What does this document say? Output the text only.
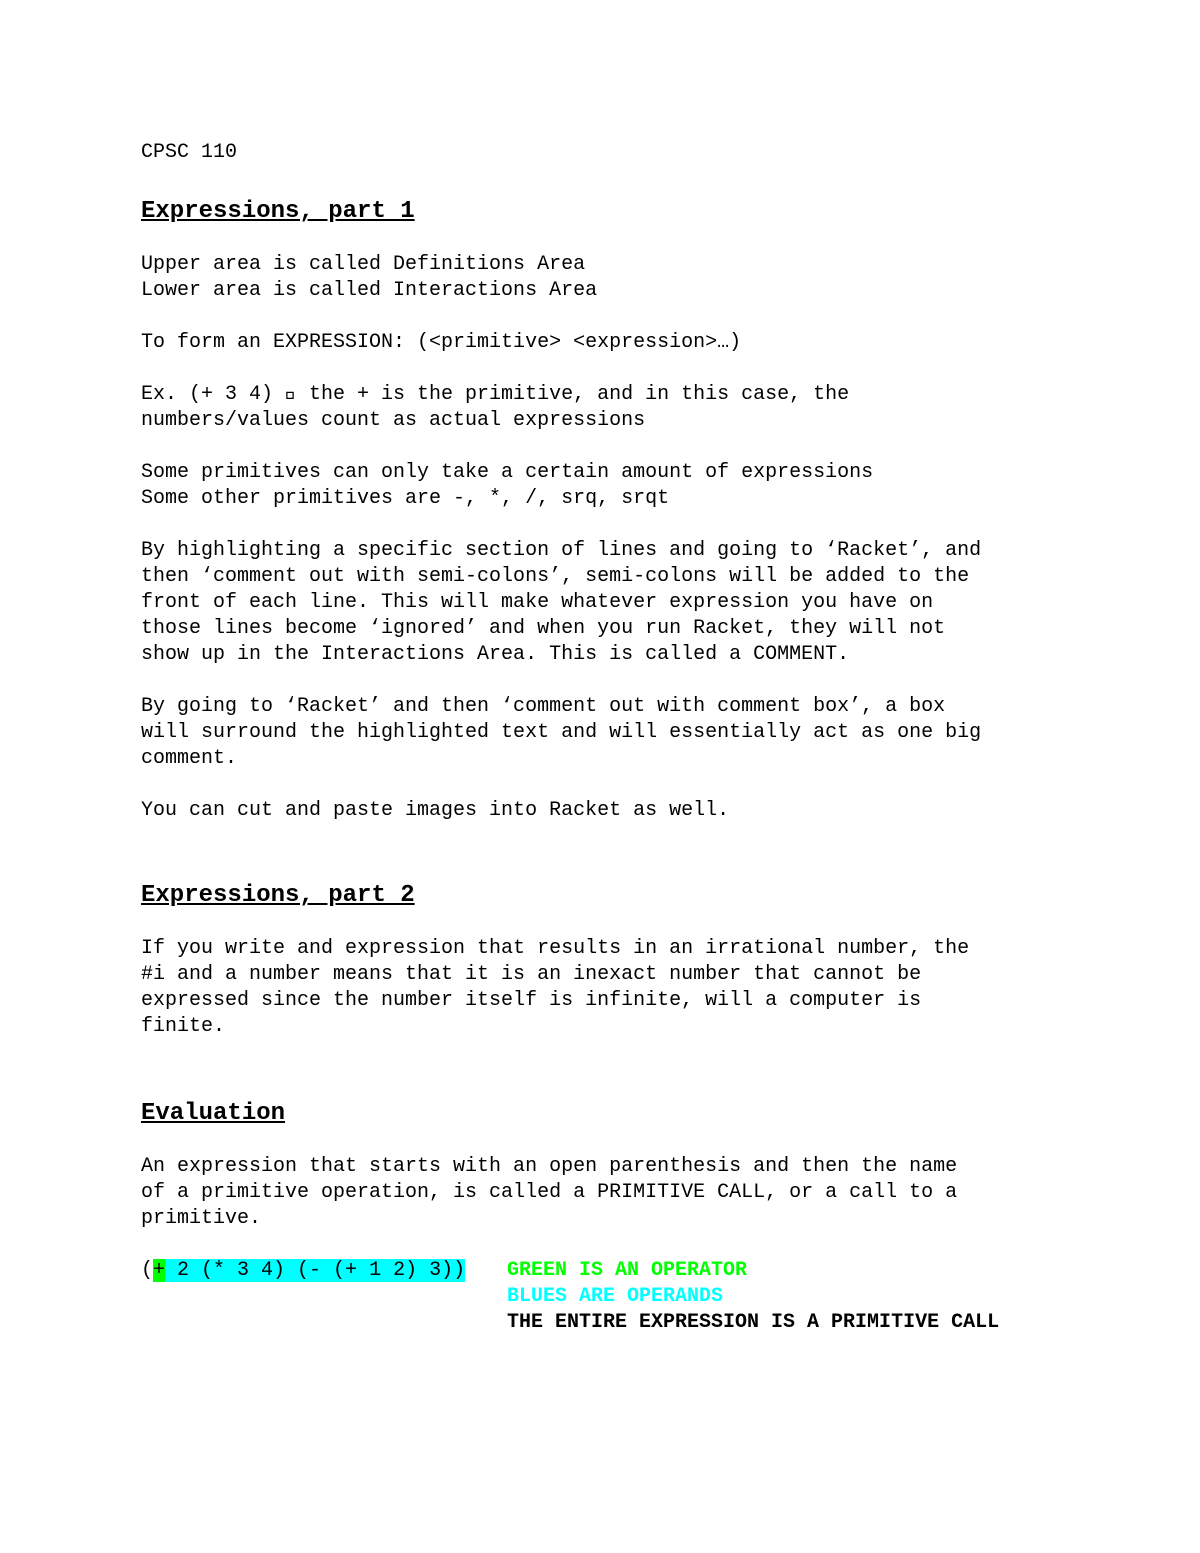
CPSC 110

Expressions, part 1

Upper area is called Definitions Area

Lower area is called Interactions Area

To form an EXPRESSION: (<primitive> <expression>…)

Ex. (+ 3 4)   the + is the primitive, and in this case, the

numbers/values count as actual expressions

Some primitives can only take a certain amount of expressions

Some other primitives are -, *, /, srq, srqt

By highlighting a specific section of lines and going to ‘Racket’, and

then ‘comment out with semi-colons’, semi-colons will be added to the

front of each line. This will make whatever expression you have on

those lines become ‘ignored’ and when you run Racket, they will not

show up in the Interactions Area. This is called a COMMENT.

By going to ‘Racket’ and then ‘comment out with comment box’, a box

will surround the highlighted text and will essentially act as one big

comment.

You can cut and paste images into Racket as well.

Expressions, part 2

If you write and expression that results in an irrational number, the

#i and a number means that it is an inexact number that cannot be

expressed since the number itself is infinite, will a computer is

finite.

Evaluation

An expression that starts with an open parenthesis and then the name

of a primitive operation, is called a PRIMITIVE CALL, or a call to a

primitive.

(+ 2 (* 3 4) (- (+ 1 2) 3))	GREEN IS AN OPERATOR

BLUES ARE OPERANDS

THE ENTIRE EXPRESSION IS A PRIMITIVE CALL
